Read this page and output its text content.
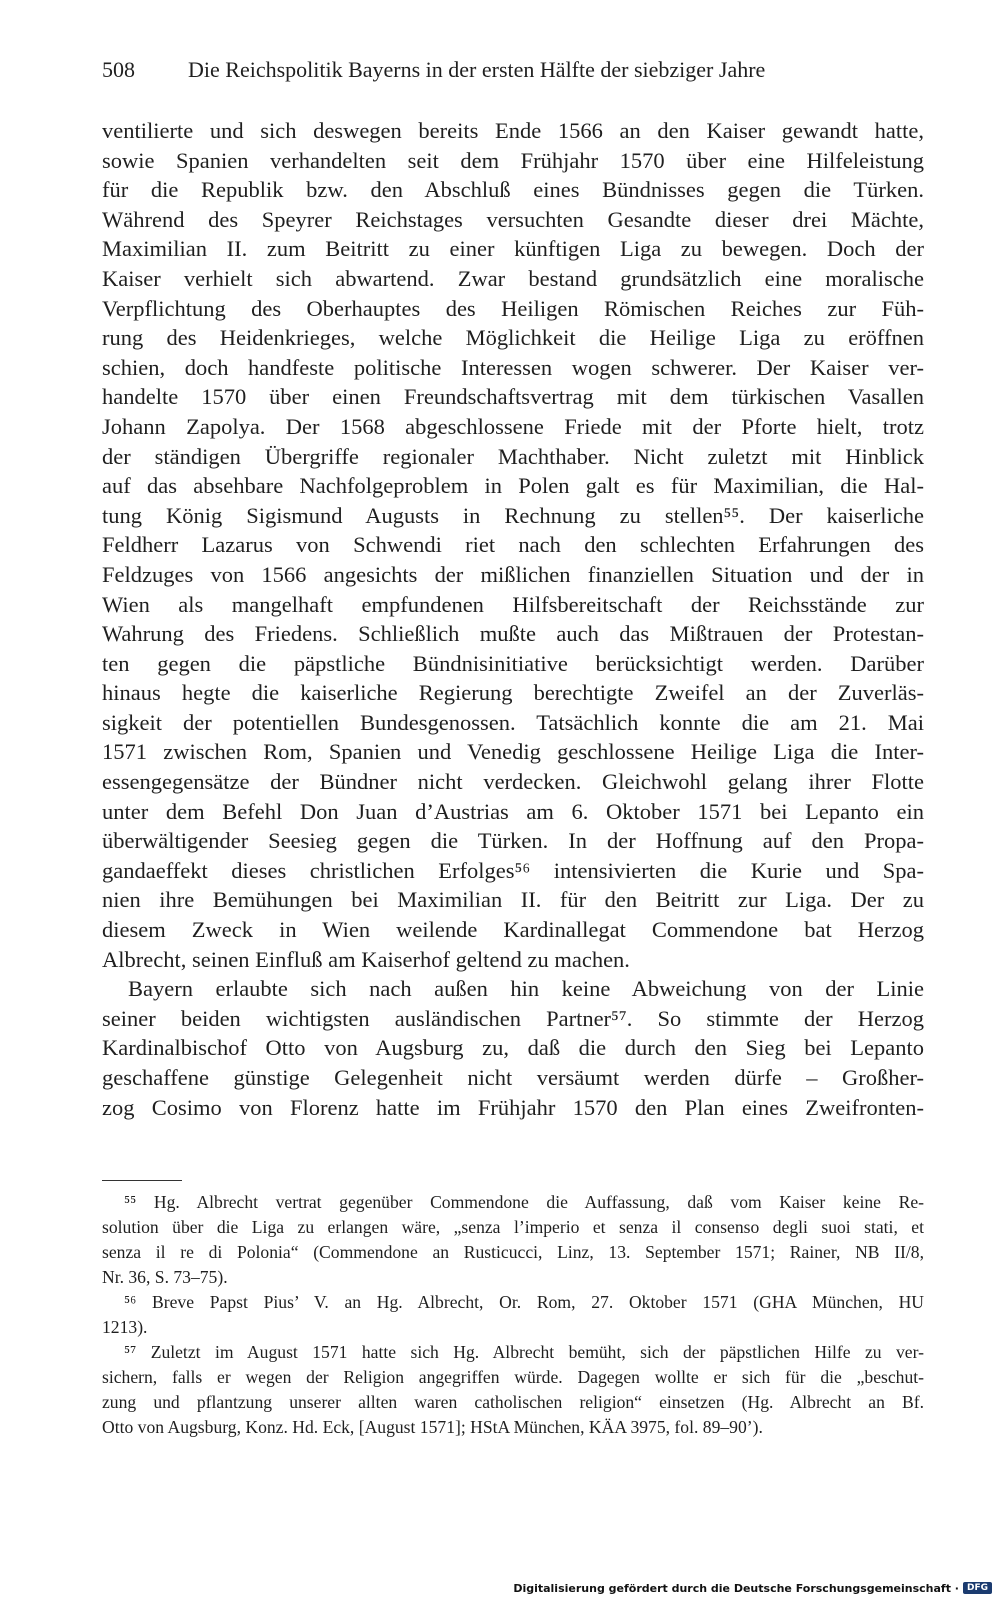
508 Die Reichspolitik Bayerns in der ersten Hälfte der siebziger Jahre
ventilierte und sich deswegen bereits Ende 1566 an den Kaiser gewandt hatte,
sowie Spanien verhandelten seit dem Frühjahr 1570 über eine Hilfeleistung
für die Republik bzw. den Abschluß eines Bündnisses gegen die Türken.
Während des Speyrer Reichstages versuchten Gesandte dieser drei Mächte,
Maximilian II. zum Beitritt zu einer künftigen Liga zu bewegen. Doch der
Kaiser verhielt sich abwartend. Zwar bestand grundsätzlich eine moralische
Verpflichtung des Oberhauptes des Heiligen Römischen Reiches zur Füh-
rung des Heidenkrieges, welche Möglichkeit die Heilige Liga zu eröffnen
schien, doch handfeste politische Interessen wogen schwerer. Der Kaiser ver-
handelte 1570 über einen Freundschaftsvertrag mit dem türkischen Vasallen
Johann Zapolya. Der 1568 abgeschlossene Friede mit der Pforte hielt, trotz
der ständigen Übergriffe regionaler Machthaber. Nicht zuletzt mit Hinblick
auf das absehbare Nachfolgeproblem in Polen galt es für Maximilian, die Hal-
tung König Sigismund Augusts in Rechnung zu stellen⁵⁵. Der kaiserliche
Feldherr Lazarus von Schwendi riet nach den schlechten Erfahrungen des
Feldzuges von 1566 angesichts der mißlichen finanziellen Situation und der in
Wien als mangelhaft empfundenen Hilfsbereitschaft der Reichsstände zur
Wahrung des Friedens. Schließlich mußte auch das Mißtrauen der Protestan-
ten gegen die päpstliche Bündnisinitiative berücksichtigt werden. Darüber
hinaus hegte die kaiserliche Regierung berechtigte Zweifel an der Zuverläs-
sigkeit der potentiellen Bundesgenossen. Tatsächlich konnte die am 21. Mai
1571 zwischen Rom, Spanien und Venedig geschlossene Heilige Liga die Inter-
essengegensätze der Bündner nicht verdecken. Gleichwohl gelang ihrer Flotte
unter dem Befehl Don Juan d’Austrias am 6. Oktober 1571 bei Lepanto ein
überwältigender Seesieg gegen die Türken. In der Hoffnung auf den Propa-
gandaeffekt dieses christlichen Erfolges⁵⁶ intensivierten die Kurie und Spa-
nien ihre Bemühungen bei Maximilian II. für den Beitritt zur Liga. Der zu
diesem Zweck in Wien weilende Kardinallegat Commendone bat Herzog
Albrecht, seinen Einfluß am Kaiserhof geltend zu machen.
Bayern erlaubte sich nach außen hin keine Abweichung von der Linie
seiner beiden wichtigsten ausländischen Partner⁵⁷. So stimmte der Herzog
Kardinalbischof Otto von Augsburg zu, daß die durch den Sieg bei Lepanto
geschaffene günstige Gelegenheit nicht versäumt werden dürfe – Großher-
zog Cosimo von Florenz hatte im Frühjahr 1570 den Plan eines Zweifronten-
⁵⁵ Hg. Albrecht vertrat gegenüber Commendone die Auffassung, daß vom Kaiser keine Re-
solution über die Liga zu erlangen wäre, „senza l’imperio et senza il consenso degli suoi stati, et
senza il re di Polonia“ (Commendone an Rusticucci, Linz, 13. September 1571; Rainer, NB II/8,
Nr. 36, S. 73–75).
⁵⁶ Breve Papst Pius’ V. an Hg. Albrecht, Or. Rom, 27. Oktober 1571 (GHA München, HU
1213).
⁵⁷ Zuletzt im August 1571 hatte sich Hg. Albrecht bemüht, sich der päpstlichen Hilfe zu ver-
sichern, falls er wegen der Religion angegriffen würde. Dagegen wollte er sich für die „beschut-
zung und pflantzung unserer allten waren catholischen religion“ einsetzen (Hg. Albrecht an Bf.
Otto von Augsburg, Konz. Hd. Eck, [August 1571]; HStA München, KÄA 3975, fol. 89–90’).
Digitalisierung gefördert durch die Deutsche Forschungsgemeinschaft · DFG
